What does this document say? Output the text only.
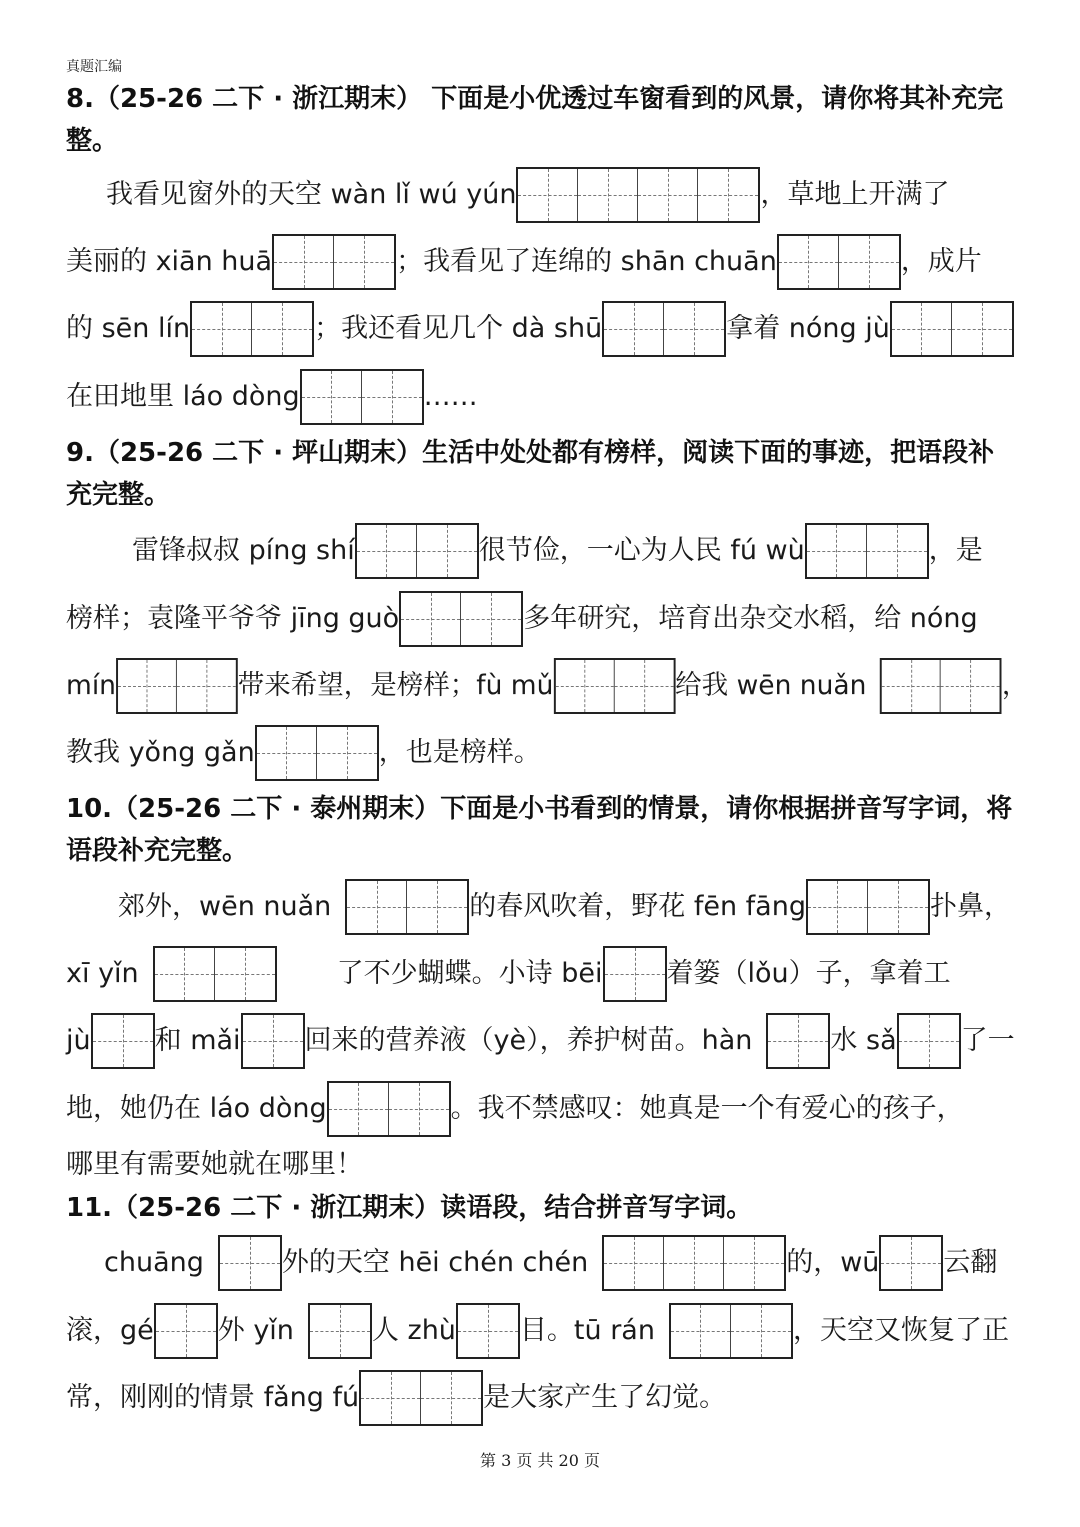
真题汇编
8.（25-26 二下 · 浙江期末） 下面是小优透过车窗看到的风景，请你将其补充完整。
我看见窗外的天空 wàn lǐ wú yún	，草地上开满了
美丽的 xiān huā	；我看见了连绵的 shān chuān	，成片
的 sēn lín	；我还看见几个 dà shū	拿着 nóng jù
在田地里 láo dòng	……
9.（25-26 二下 · 坪山期末）生活中处处都有榜样，阅读下面的事迹，把语段补充完整。
雷锋叔叔 píng shí	很节俭，一心为人民 fú wù	，是
榜样；袁隆平爷爷 jīng guò	多年研究，培育出杂交水稻，给 nóng
mín	带来希望，是榜样；fù mǔ	给我 wēn nuǎn	，
教我 yǒng gǎn	，也是榜样。
10.（25-26 二下 · 泰州期末）下面是小书看到的情景，请你根据拼音写字词，将语段补充完整。
郊外，wēn nuǎn	的春风吹着，野花 fēn fāng	扑鼻，
xī yǐn	了不少蝴蝶。小诗 bēi 着篓（lǒu）子，拿着工
jù 和 mǎi 回来的营养液（yè），养护树苗。hàn	水 sǎ 了一
地，她仍在 láo dòng	。我不禁感叹：她真是一个有爱心的孩子，
哪里有需要她就在哪里！
11.（25-26 二下 · 浙江期末）读语段，结合拼音写字词。
chuāng	外的天空 hēi chén chén	的，wū 云翻
滚，gé 外 yǐn	人 zhù 目。tū rán	，天空又恢复了正
常，刚刚的情景 fǎng fú	是大家产生了幻觉。
第 3 页 共 20 页
